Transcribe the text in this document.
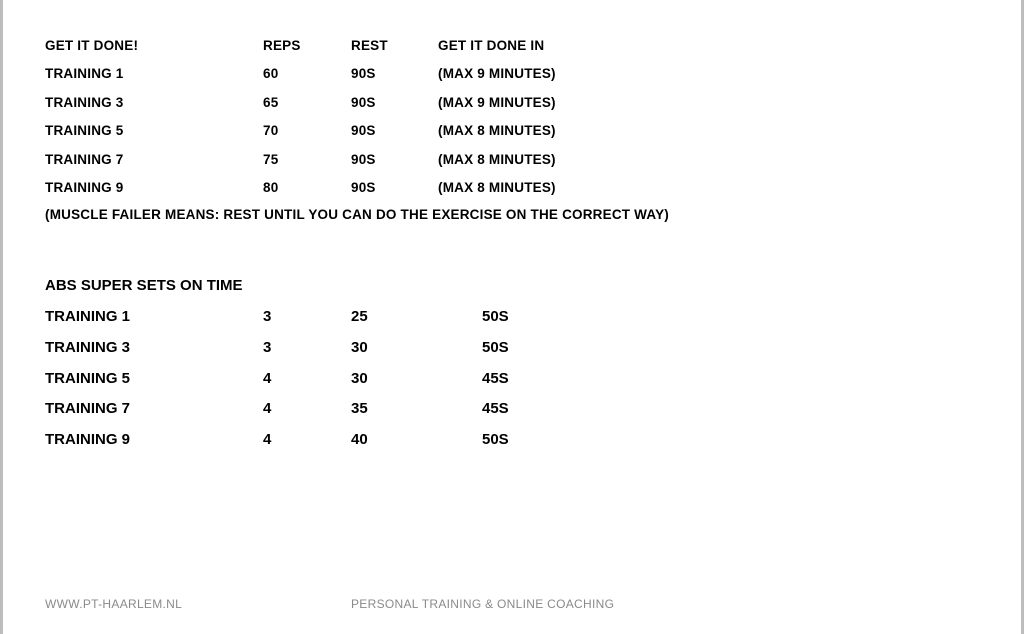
GET IT DONE!	REPS	REST	GET IT DONE IN
TRAINING 1	60	90S	(MAX 9 MINUTES)
TRAINING 3	65	90S	(MAX 9 MINUTES)
TRAINING 5	70	90S	(MAX 8 MINUTES)
TRAINING 7	75	90S	(MAX 8 MINUTES)
TRAINING 9	80	90S	(MAX 8 MINUTES)
(MUSCLE FAILER MEANS: REST UNTIL YOU CAN DO THE EXERCISE ON THE CORRECT WAY)
ABS SUPER SETS ON TIME
TRAINING 1	3	25	50S
TRAINING 3	3	30	50S
TRAINING 5	4	30	45S
TRAINING 7	4	35	45S
TRAINING 9	4	40	50S
WWW.PT-HAARLEM.NL	PERSONAL TRAINING & ONLINE COACHING
